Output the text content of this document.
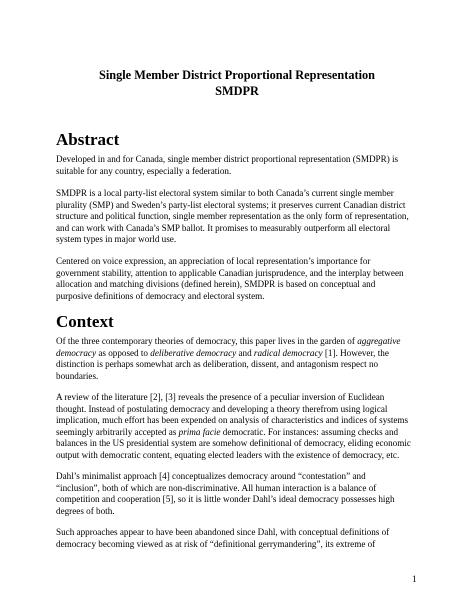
Single Member District Proportional Representation

SMDPR

Abstract

Developed in and for Canada, single member district proportional representation (SMDPR) is
suitable for any country, especially a federation.

SMDPR is a local party-list electoral system similar to both Canada’s current single member
plurality (SMP) and Sweden’s party-list electoral systems; it preserves current Canadian district
structure and political function, single member representation as the only form of representation,
and can work with Canada’s SMP ballot. It promises to measurably outperform all electoral
system types in major world use.

Centered on voice expression, an appreciation of local representation’s importance for
government stability, attention to applicable Canadian jurisprudence, and the interplay between
allocation and matching divisions (defined herein), SMDPR is based on conceptual and
purposive definitions of democracy and electoral system.

Context

Of the three contemporary theories of democracy, this paper lives in the garden of aggregative
democracy as opposed to deliberative democracy and radical democracy [1]. However, the
distinction is perhaps somewhat arch as deliberation, dissent, and antagonism respect no
boundaries.

A review of the literature [2], [3] reveals the presence of a peculiar inversion of Euclidean
thought. Instead of postulating democracy and developing a theory therefrom using logical
implication, much effort has been expended on analysis of characteristics and indices of systems
seemingly arbitrarily accepted as prima facie democratic. For instances: assuming checks and
balances in the US presidential system are somehow definitional of democracy, eliding economic
output with democratic content, equating elected leaders with the existence of democracy, etc.

Dahl’s minimalist approach [4] conceptualizes democracy around “contestation” and
“inclusion”, both of which are non-discriminative. All human interaction is a balance of
competition and cooperation [5], so it is little wonder Dahl’s ideal democracy possesses high
degrees of both.

Such approaches appear to have been abandoned since Dahl, with conceptual definitions of
democracy becoming viewed as at risk of “definitional gerrymandering”, its extreme of

1
